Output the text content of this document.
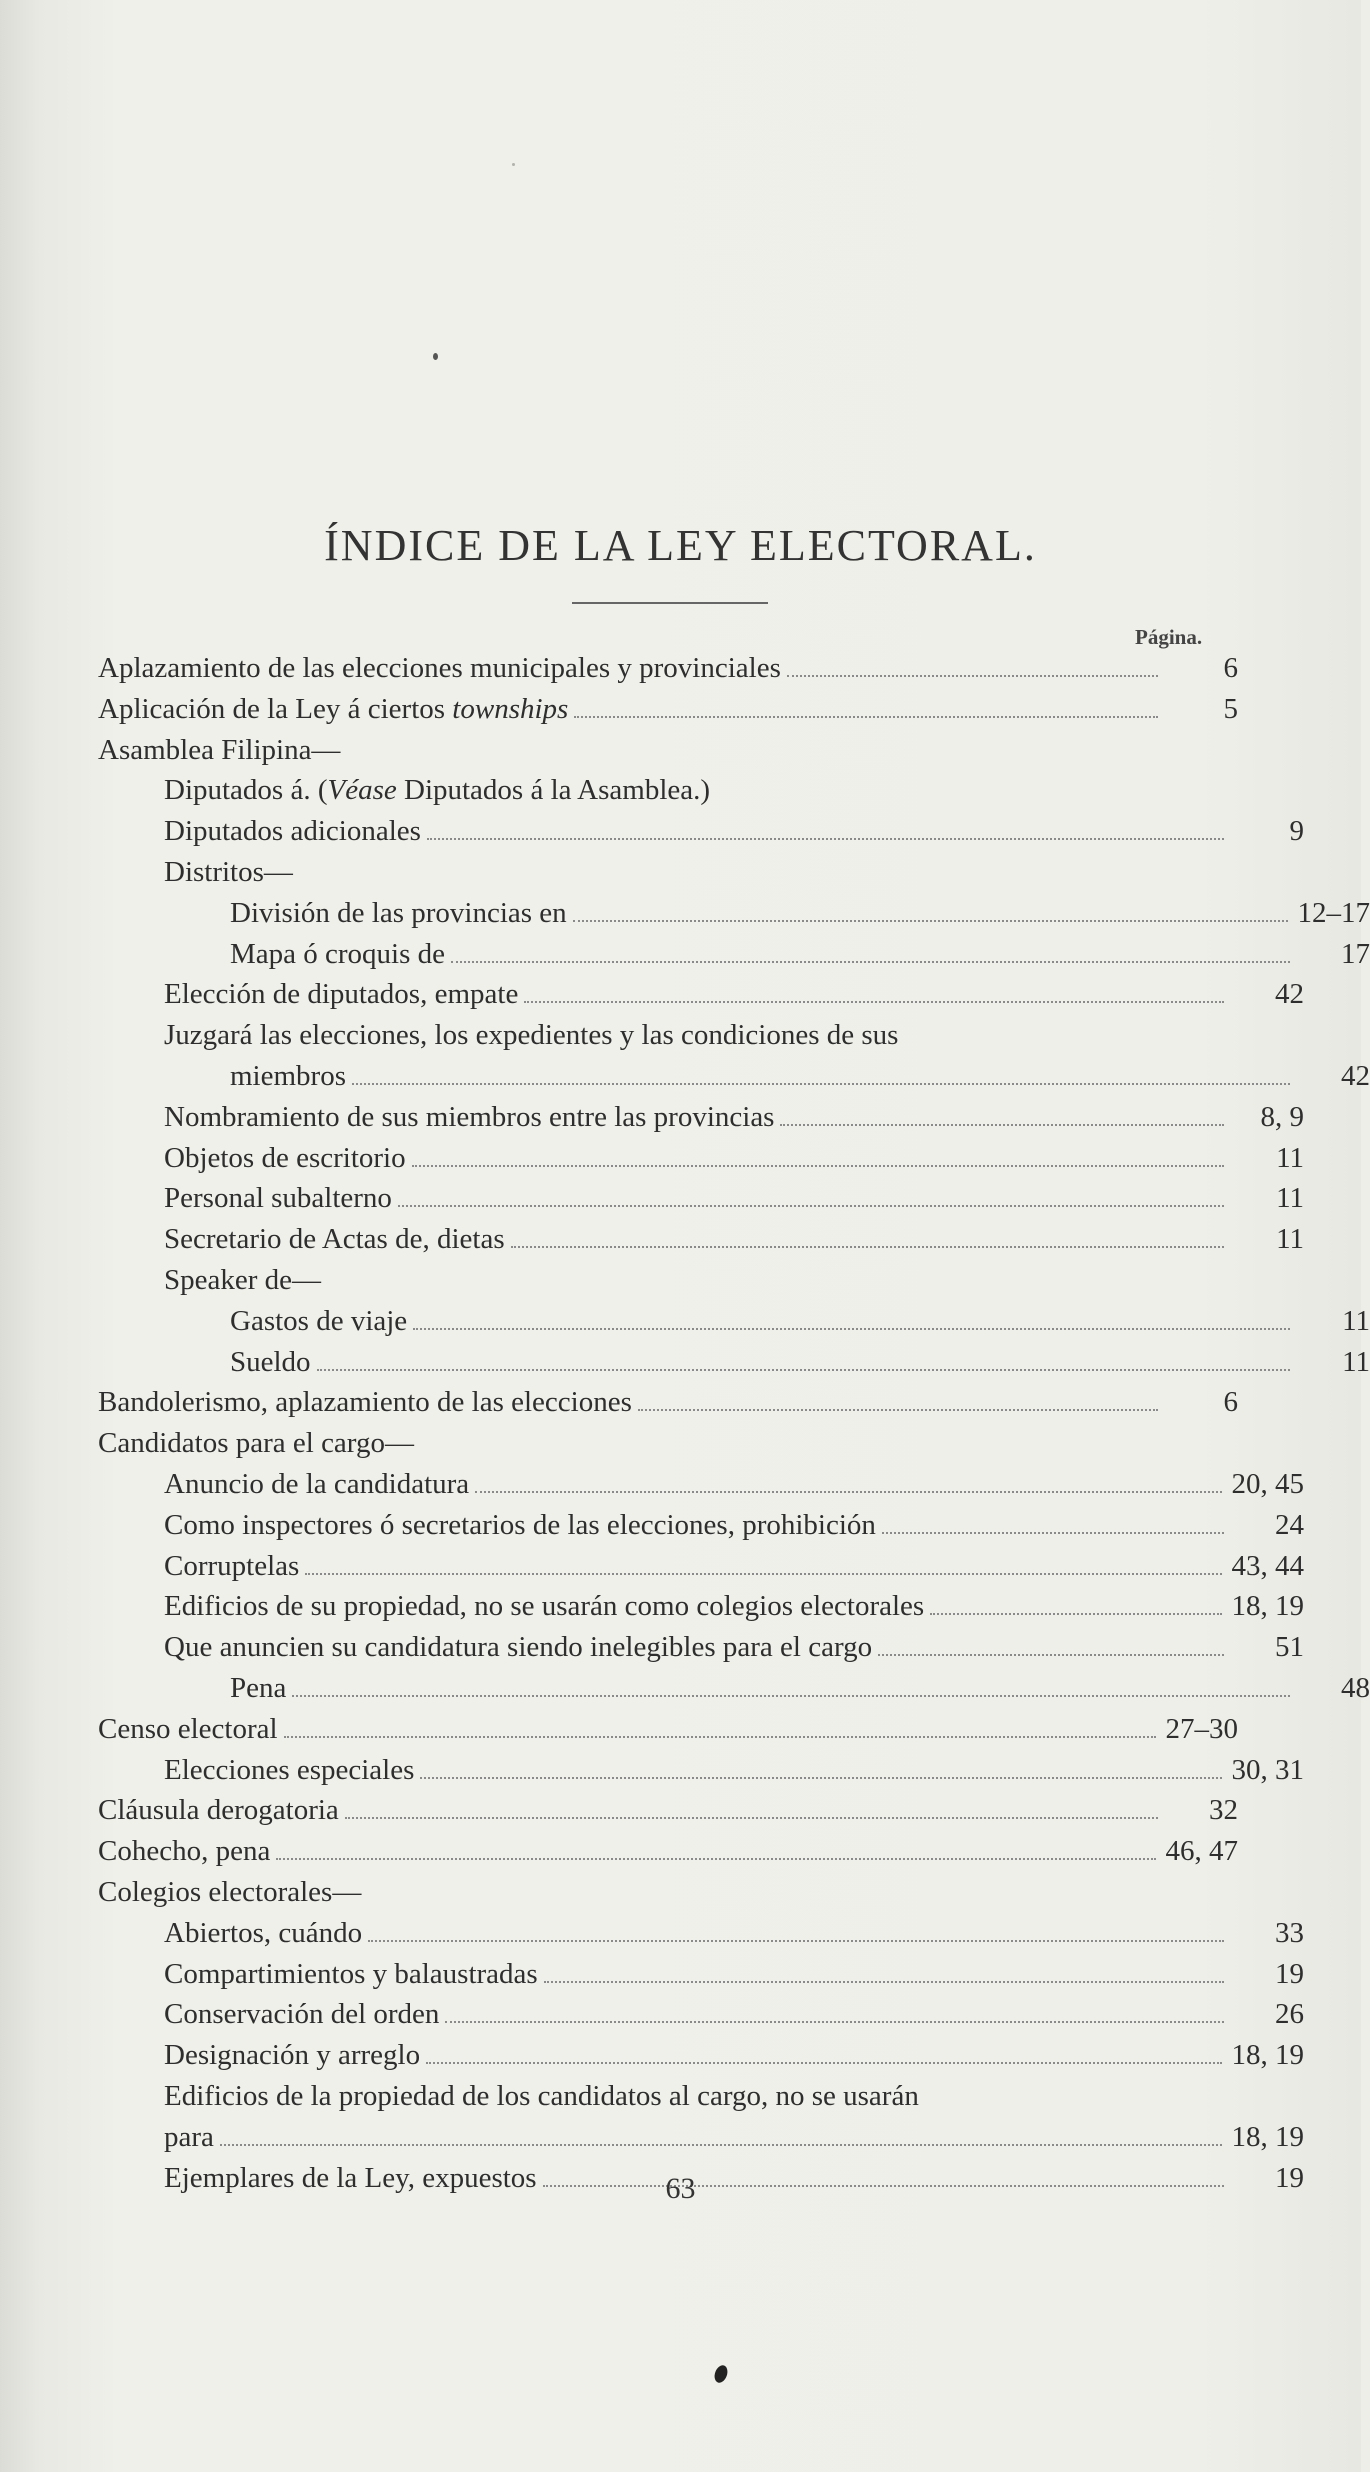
ÍNDICE DE LA LEY ELECTORAL.
Página.
Aplazamiento de las elecciones municipales y provinciales	6
Aplicación de la Ley á ciertos townships	5
Asamblea Filipina—
Diputados á. (Véase Diputados á la Asamblea.)
Diputados adicionales	9
Distritos—
División de las provincias en	12–17
Mapa ó croquis de	17
Elección de diputados, empate	42
Juzgará las elecciones, los expedientes y las condiciones de sus
miembros	42
Nombramiento de sus miembros entre las provincias	8, 9
Objetos de escritorio	11
Personal subalterno	11
Secretario de Actas de, dietas	11
Speaker de—
Gastos de viaje	11
Sueldo	11
Bandolerismo, aplazamiento de las elecciones	6
Candidatos para el cargo—
Anuncio de la candidatura	20, 45
Como inspectores ó secretarios de las elecciones, prohibición	24
Corruptelas	43, 44
Edificios de su propiedad, no se usarán como colegios electorales	18, 19
Que anuncien su candidatura siendo inelegibles para el cargo	51
Pena	48
Censo electoral	27–30
Elecciones especiales	30, 31
Cláusula derogatoria	32
Cohecho, pena	46, 47
Colegios electorales—
Abiertos, cuándo	33
Compartimientos y balaustradas	19
Conservación del orden	26
Designación y arreglo	18, 19
Edificios de la propiedad de los candidatos al cargo, no se usarán
para	18, 19
Ejemplares de la Ley, expuestos	19
63
